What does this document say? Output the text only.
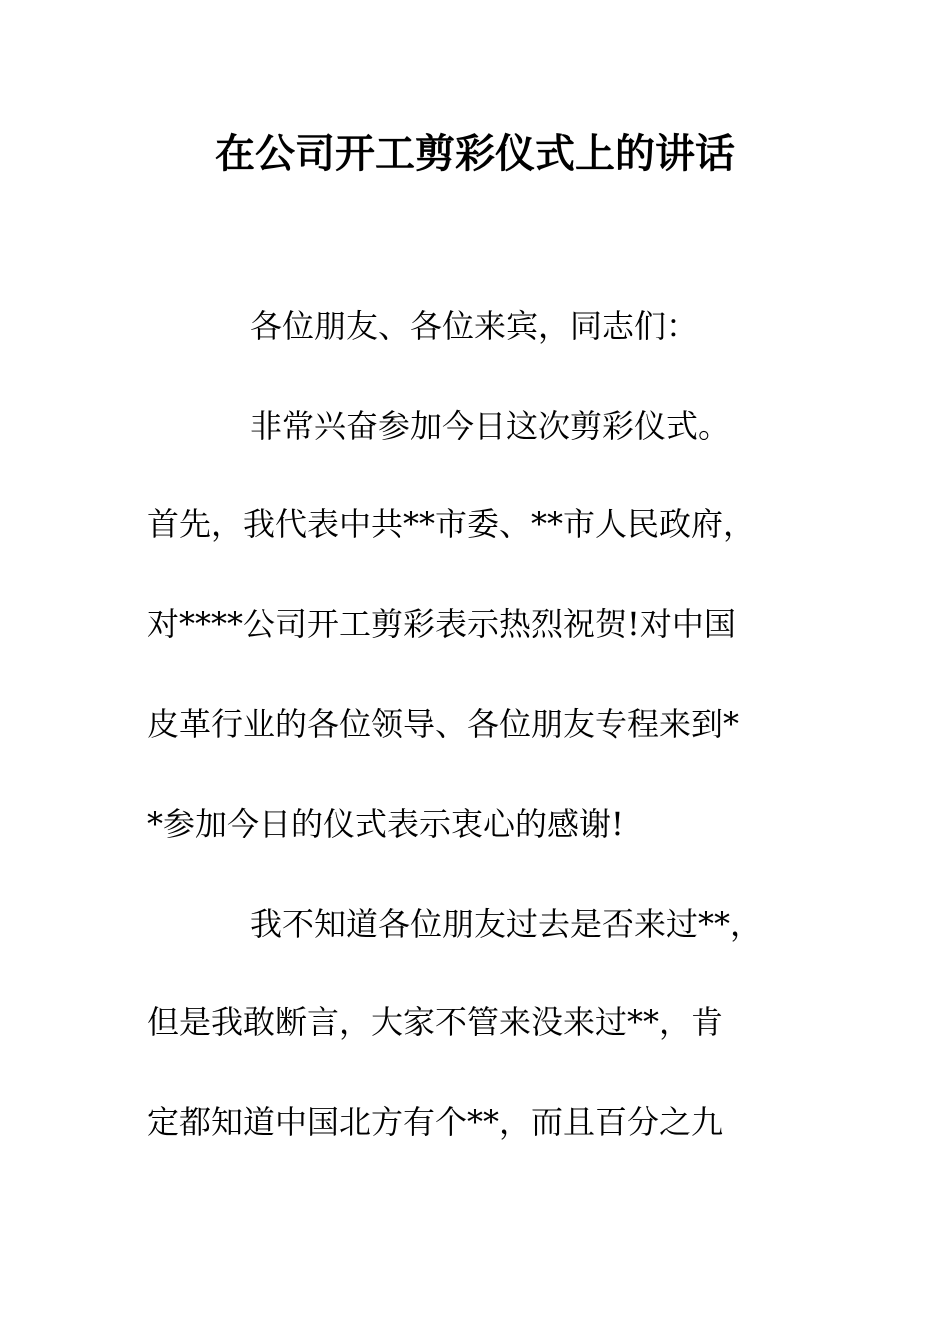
在公司开工剪彩仪式上的讲话
各位朋友、各位来宾，同志们：
非常兴奋参加今日这次剪彩仪式。
首先，我代表中共**市委、**市人民政府，
对****公司开工剪彩表示热烈祝贺!对中国
皮革行业的各位领导、各位朋友专程来到*
*参加今日的仪式表示衷心的感谢!
我不知道各位朋友过去是否来过**，
但是我敢断言，大家不管来没来过**，肯
定都知道中国北方有个**，而且百分之九
